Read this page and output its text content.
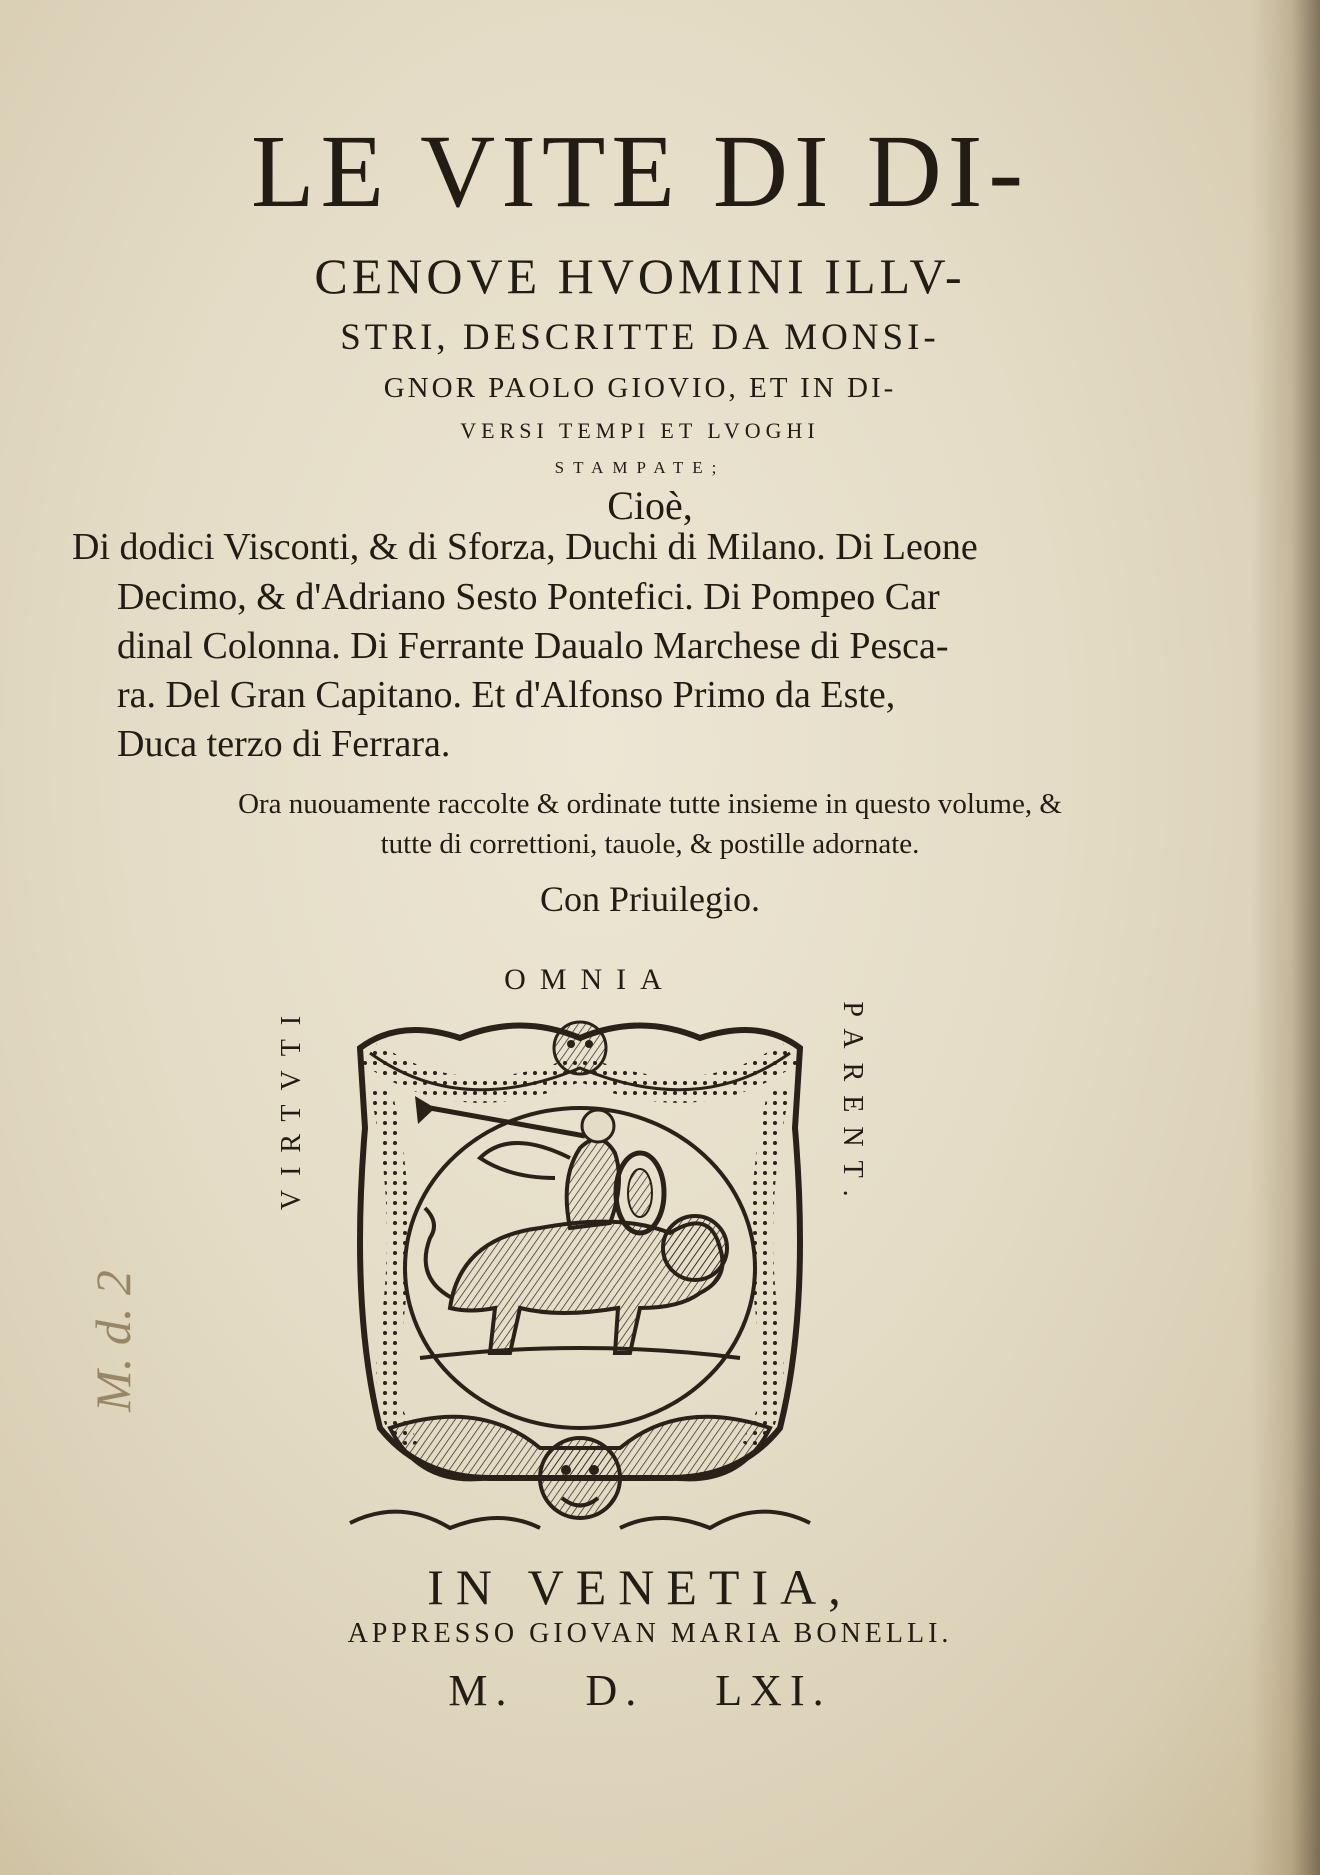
LE VITE DI DI-
CENOVE HVOMINI ILLV-
STRI, DESCRITTE DA MONSI-
GNOR PAOLO GIOVIO, ET IN DI-
VERSI TEMPI ET LVOGHI
STAMPATE;
Cioè,
Di dodici Visconti, & di Sforza, Duchi di Milano. Di Leone
Decimo, & d'Adriano Sesto Pontefici. Di Pompeo Car
dinal Colonna. Di Ferrante Daualo Marchese di Pesca-
ra. Del Gran Capitano. Et d'Alfonso Primo da Este,
Duca terzo di Ferrara.
Ora nuouamente raccolte & ordinate tutte insieme in questo volume, &
tutte di correttioni, tauole, & postille adornate.
Con Priuilegio.
OMNIA
VIRTVTI	PARENT.
IN VENETIA,
APPRESSO GIOVAN MARIA BONELLI.
M. D. LXI.
M. d. 2
